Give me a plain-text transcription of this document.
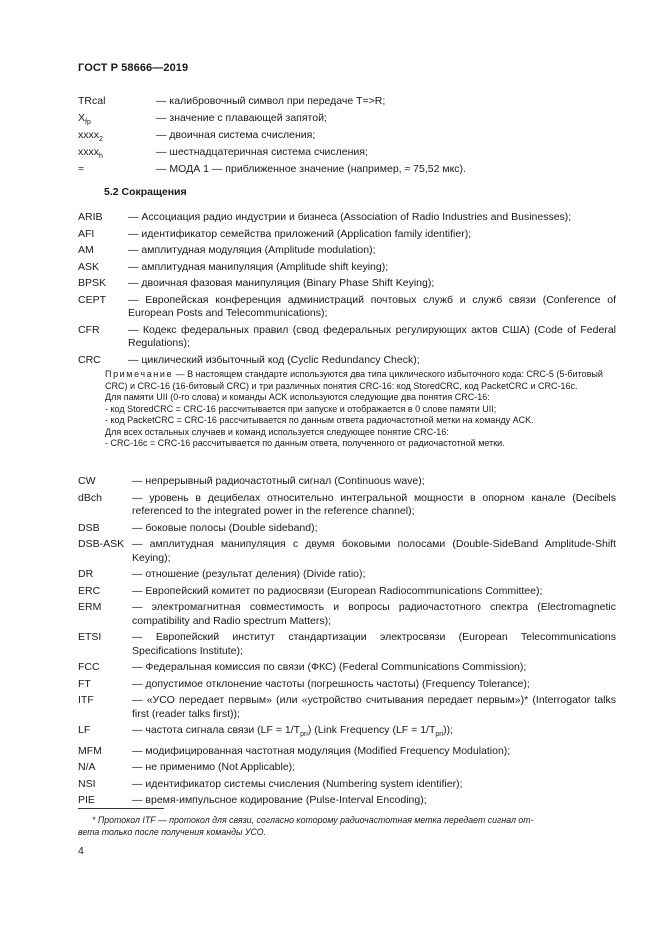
ГОСТ Р 58666—2019
TRcal	— калибровочный символ при передаче T=>R;
$X_{fp}$	— значение с плавающей запятой;
xxxx$_2$	— двоичная система счисления;
xxxx$_h$	— шестнадцатеричная система счисления;
≈	— МОДА 1 — приближенное значение (например, ≈ 75,52 мкс).
5.2 Сокращения
ARIB	— Ассоциация радио индустрии и бизнеса (Association of Radio Industries and Businesses);
AFI	— идентификатор семейства приложений (Application family identifier);
AM	— амплитудная модуляция (Amplitude modulation);
ASK	— амплитудная манипуляция (Amplitude shift keying);
BPSK	— двоичная фазовая манипуляция (Binary Phase Shift Keying);
CEPT	— Европейская конференция администраций почтовых служб и служб связи (Conference of European Posts and Telecommunications);
CFR	— Кодекс федеральных правил (свод федеральных регулирующих актов США) (Code of Federal Regulations);
CRC	— циклический избыточный код (Cyclic Redundancy Check);

Примечание — В настоящем стандарте используются два типа циклического избыточного кода: CRC-5 (5-битовый CRC) и CRC-16 (16-битовый CRC) и три различных понятия CRC-16: код StoredCRC, код PacketCRC и CRC-16c.

Для памяти UII (0-го слова) и команды ACK используются следующие два понятия CRC-16:

- код StoredCRC = CRC-16 рассчитывается при запуске и отображается в 0 слове памяти UII;

- код PacketCRC = CRC-16 рассчитывается по данным ответа радиочастотной метки на команду ACK.

Для всех остальных случаев и команд используется следующее понятие CRC-16:

- CRC-16c = CRC-16 рассчитывается по данным ответа, полученного от радиочастотной метки.

CW	— непрерывный радиочастотный сигнал (Continuous wave);
dBch	— уровень в децибелах относительно интегральной мощности в опорном канале (Decibels referenced to the integrated power in the reference channel);
DSB	— боковые полосы (Double sideband);
DSB-ASK — амплитудная манипуляция с двумя боковыми полосами (Double-SideBand Amplitude-Shift Keying);
DR	— отношение (результат деления) (Divide ratio);
ERC	— Европейский комитет по радиосвязи (European Radiocommunications Committee);
ERM	— электромагнитная совместимость и вопросы радиочастотного спектра (Electromagnetic compatibility and Radio spectrum Matters);
ETSI	— Европейский институт стандартизации электросвязи (European Telecommunications Specifications Institute);
FCC	— Федеральная комиссия по связи (ФКС) (Federal Communications Commission);
FT	— допустимое отклонение частоты (погрешность частоты) (Frequency Tolerance);
ITF	— «УСО передает первым» (или «устройство считывания передает первым»)* (Interrogator talks first (reader talks first));
LF	— частота сигнала связи $(LF = 1/T_{pri})$ (Link Frequency $(LF = 1/T_{pri})$);
MFM	— модифицированная частотная модуляция (Modified Frequency Modulation);
N/A	— не применимо (Not Applicable);
NSI	— идентификатор системы счисления (Numbering system identifier);
PIE	— время-импульсное кодирование (Pulse-Interval Encoding);
* Протокол ITF — протокол для связи, согласно которому радиочастотная метка передает сигнал от-
вета только после получения команды УСО.
4
